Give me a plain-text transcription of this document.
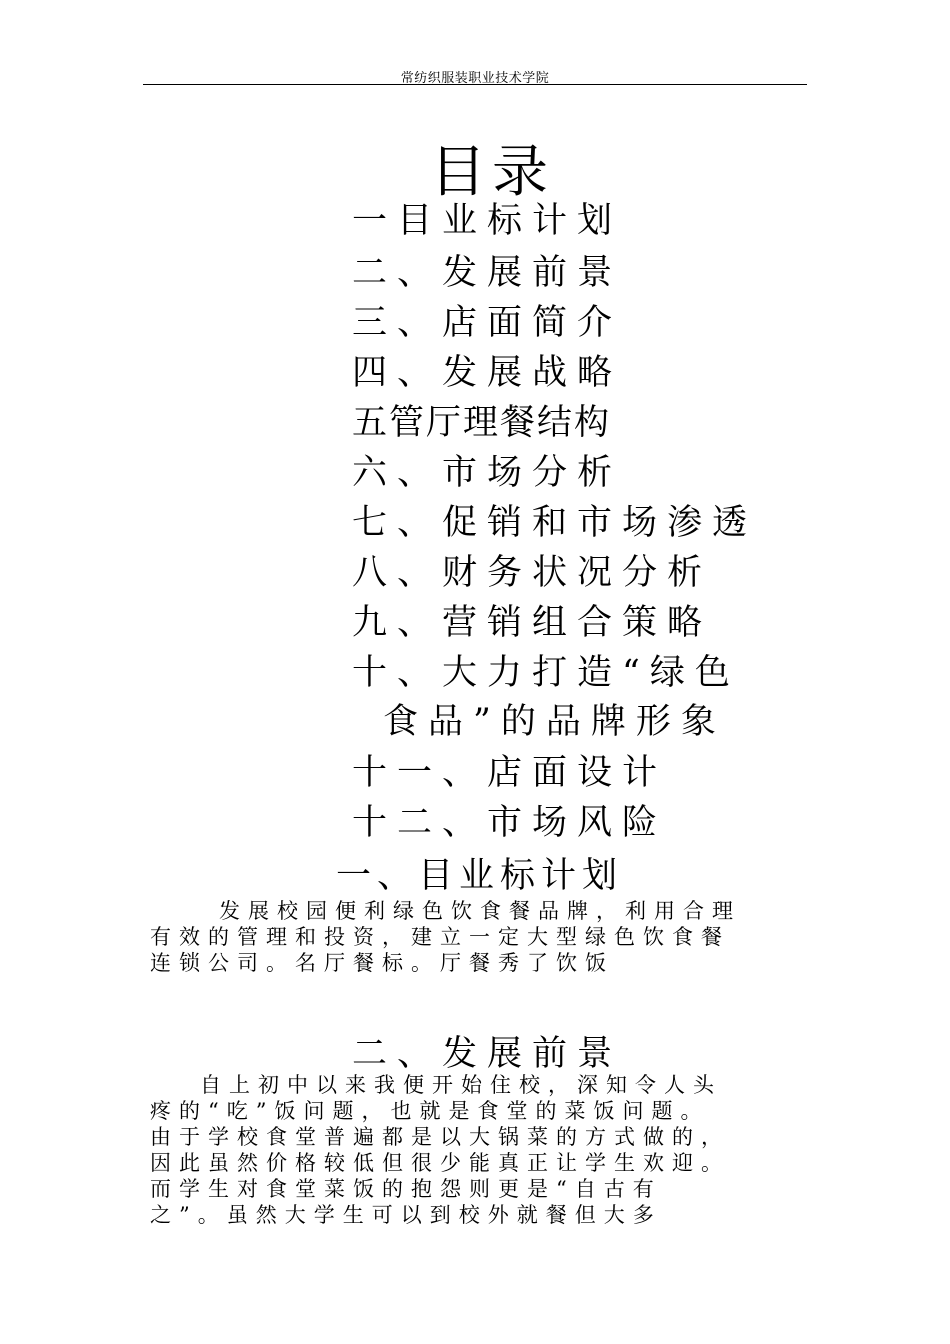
常纺织服装职业技术学院
目录
一目业标计划
二、发展前景
三、店面简介
四、发展战略
五管厅理餐结构
六、市场分析
七、促销和市场渗透
八、财务状况分析
九、营销组合策略
十、大力打造“绿色
食品”的品牌形象
十一、店面设计
十二、市场风险
一、目业标计划
发展校园便利绿色饮食餐品牌，利用合理
有效的管理和投资，建立一定大型绿色饮食餐
连锁公司。名厅餐标。厅餐秀了饮饭
二、发展前景
自上初中以来我便开始住校，深知令人头
疼的“吃”饭问题，也就是食堂的菜饭问题。
由于学校食堂普遍都是以大锅菜的方式做的，
因此虽然价格较低但很少能真正让学生欢迎。
而学生对食堂菜饭的抱怨则更是“自古有
之”。虽然大学生可以到校外就餐但大多
